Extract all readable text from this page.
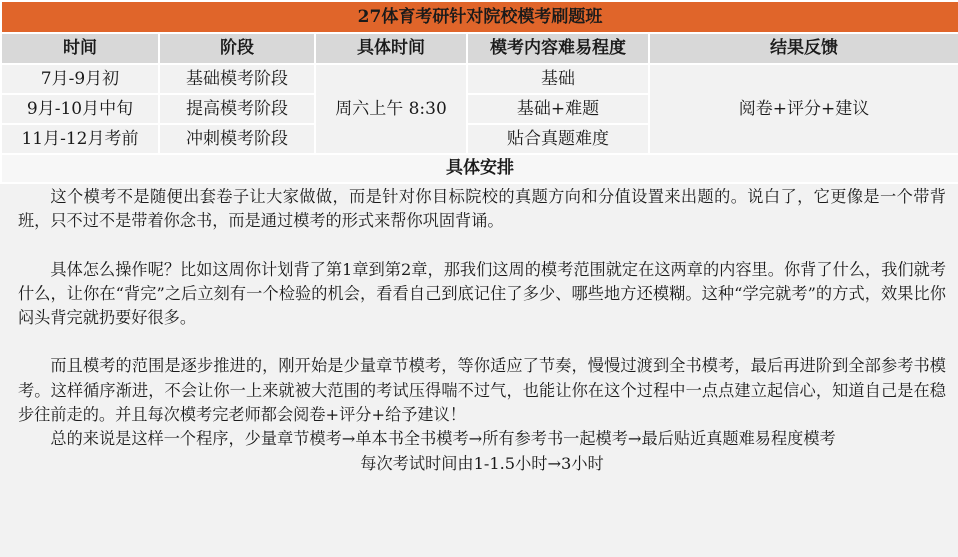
27体育考研针对院校模考刷题班				
时间	阶段	具体时间	模考内容难易程度	结果反馈
7月-9月初	基础模考阶段	周六上午 8:30	基础	阅卷+评分+建议
9月-10月中旬	提高模考阶段		基础+难题	
11月-12月考前	冲刺模考阶段		贴合真题难度	
具体安排				

这个模考不是随便出套卷子让大家做做，而是针对你目标院校的真题方向和分值设置来出题的。说白了，它更像是一个带背班，只不过不是带着你念书，而是通过模考的形式来帮你巩固背诵。

具体怎么操作呢？比如这周你计划背了第1章到第2章，那我们这周的模考范围就定在这两章的内容里。你背了什么，我们就考什么，让你在“背完”之后立刻有一个检验的机会，看看自己到底记住了多少、哪些地方还模糊。这种“学完就考”的方式，效果比你闷头背完就扔要好很多。

而且模考的范围是逐步推进的，刚开始是少量章节模考，等你适应了节奏，慢慢过渡到全书模考，最后再进阶到全部参考书模考。这样循序渐进，不会让你一上来就被大范围的考试压得喘不过气，也能让你在这个过程中一点点建立起信心，知道自己是在稳步往前走的。并且每次模考完老师都会阅卷+评分+给予建议！

总的来说是这样一个程序，少量章节模考→单本书全书模考→所有参考书一起模考→最后贴近真题难易程度模考

每次考试时间由1-1.5小时→3小时
